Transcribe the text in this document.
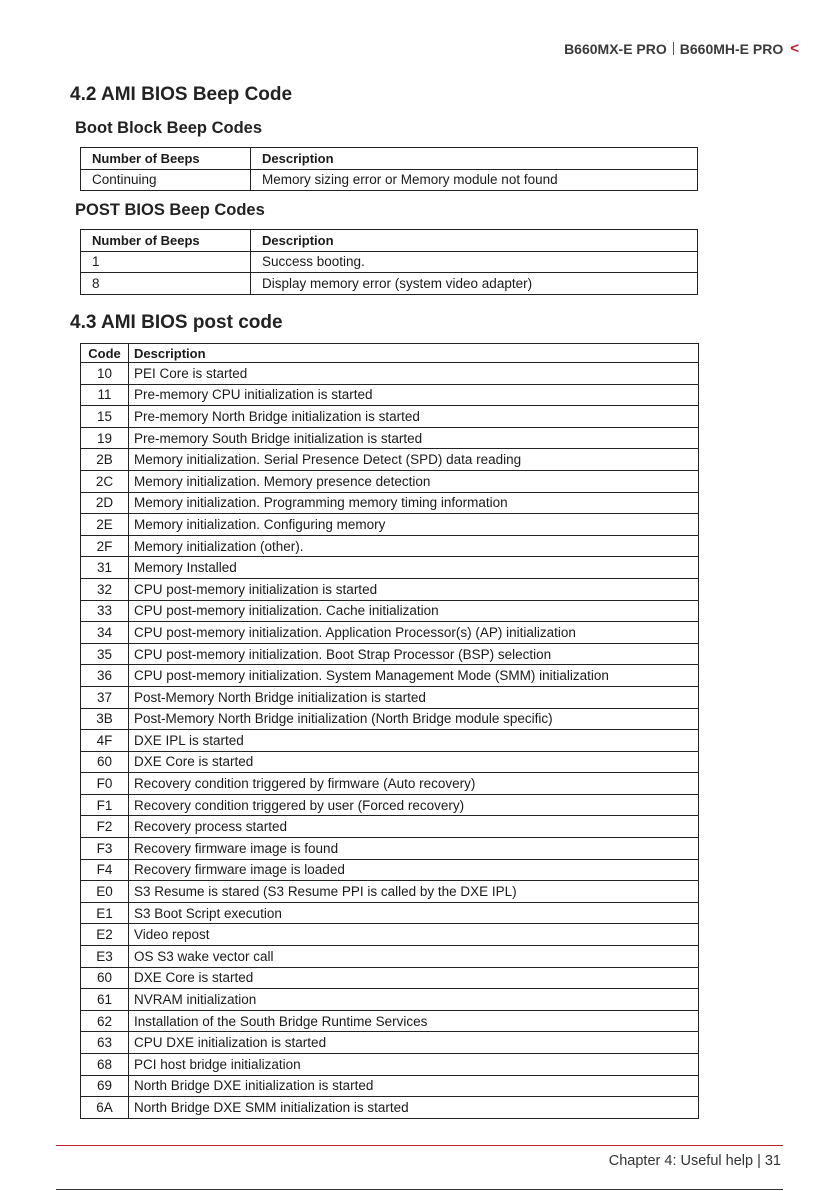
B660MX-E PRO B660MH-E PRO <
4.2 AMI BIOS Beep Code
Boot Block Beep Codes
Number of Beeps	Description
Continuing	Memory sizing error or Memory module not found
POST BIOS Beep Codes
Number of Beeps	Description
1	Success booting.
8	Display memory error (system video adapter)
4.3 AMI BIOS post code
Code	Description
10	PEI Core is started
11	Pre-memory CPU initialization is started
15	Pre-memory North Bridge initialization is started
19	Pre-memory South Bridge initialization is started
2B	Memory initialization. Serial Presence Detect (SPD) data reading
2C	Memory initialization. Memory presence detection
2D	Memory initialization. Programming memory timing information
2E	Memory initialization. Configuring memory
2F	Memory initialization (other).
31	Memory Installed
32	CPU post-memory initialization is started
33	CPU post-memory initialization. Cache initialization
34	CPU post-memory initialization. Application Processor(s) (AP) initialization
35	CPU post-memory initialization. Boot Strap Processor (BSP) selection
36	CPU post-memory initialization. System Management Mode (SMM) initialization
37	Post-Memory North Bridge initialization is started
3B	Post-Memory North Bridge initialization (North Bridge module specific)
4F	DXE IPL is started
60	DXE Core is started
F0	Recovery condition triggered by firmware (Auto recovery)
F1	Recovery condition triggered by user (Forced recovery)
F2	Recovery process started
F3	Recovery firmware image is found
F4	Recovery firmware image is loaded
E0	S3 Resume is stared (S3 Resume PPI is called by the DXE IPL)
E1	S3 Boot Script execution
E2	Video repost
E3	OS S3 wake vector call
60	DXE Core is started
61	NVRAM initialization
62	Installation of the South Bridge Runtime Services
63	CPU DXE initialization is started
68	PCI host bridge initialization
69	North Bridge DXE initialization is started
6A	North Bridge DXE SMM initialization is started
Chapter 4: Useful help | 31
